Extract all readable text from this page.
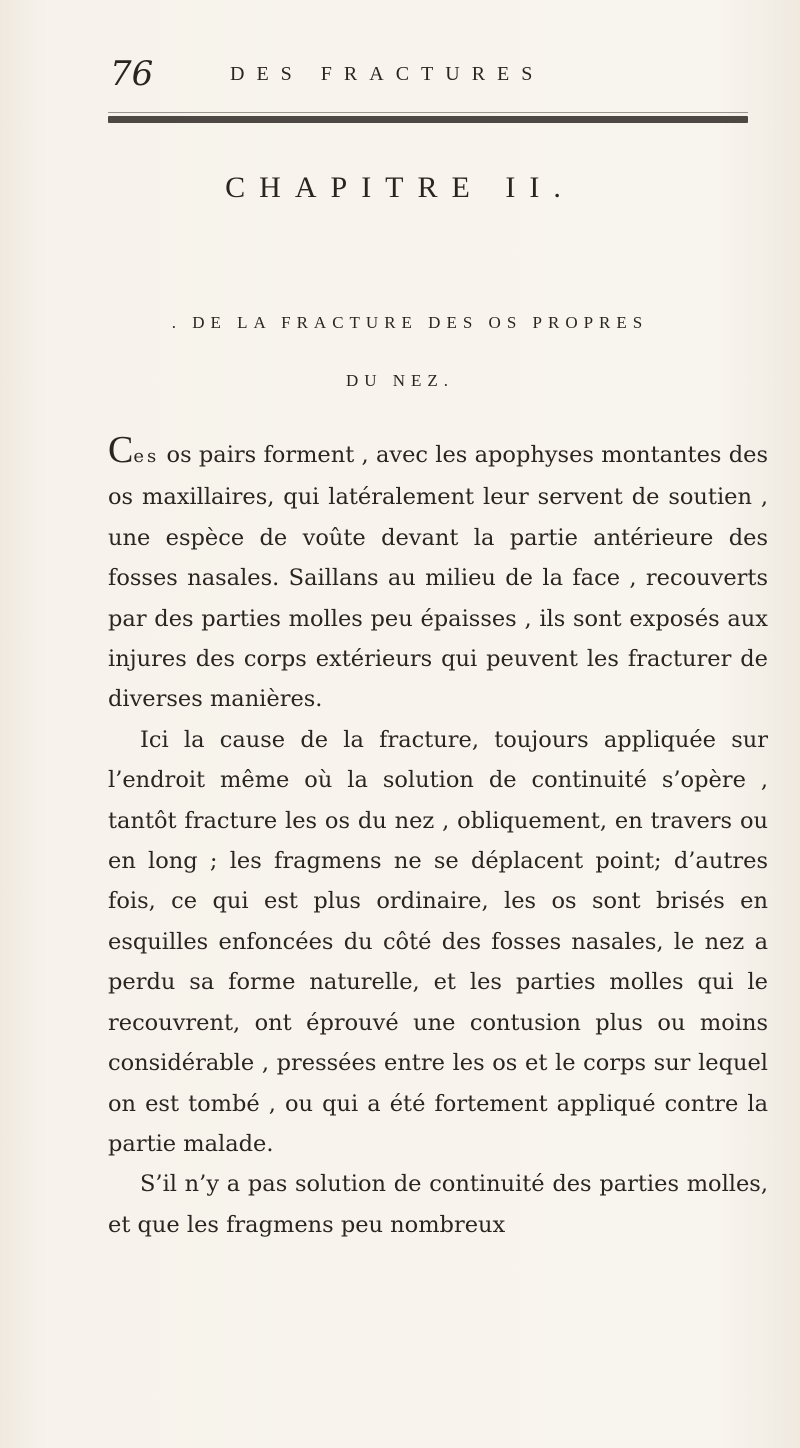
76	DES FRACTURES
CHAPITRE II.
. DE LA FRACTURE DES OS PROPRES
DU NEZ.

Ces os pairs forment , avec les apophyses montantes des os maxillaires, qui latéralement leur servent de soutien , une espèce de voûte devant la partie antérieure des fosses nasales. Saillans au milieu de la face , recouverts par des parties molles peu épaisses , ils sont exposés aux injures des corps extérieurs qui peuvent les fracturer de diverses manières.

Ici la cause de la fracture, toujours appliquée sur l’endroit même où la solution de continuité s’opère , tantôt fracture les os du nez , obliquement, en travers ou en long ; les fragmens ne se déplacent point; d’autres fois, ce qui est plus ordinaire, les os sont brisés en esquilles enfoncées du côté des fosses nasales, le nez a perdu sa forme naturelle, et les parties molles qui le recouvrent, ont éprouvé une contusion plus ou moins considérable , pressées entre les os et le corps sur lequel on est tombé , ou qui a été fortement appliqué contre la partie malade.

S’il n’y a pas solution de continuité des parties molles, et que les fragmens peu nombreux
